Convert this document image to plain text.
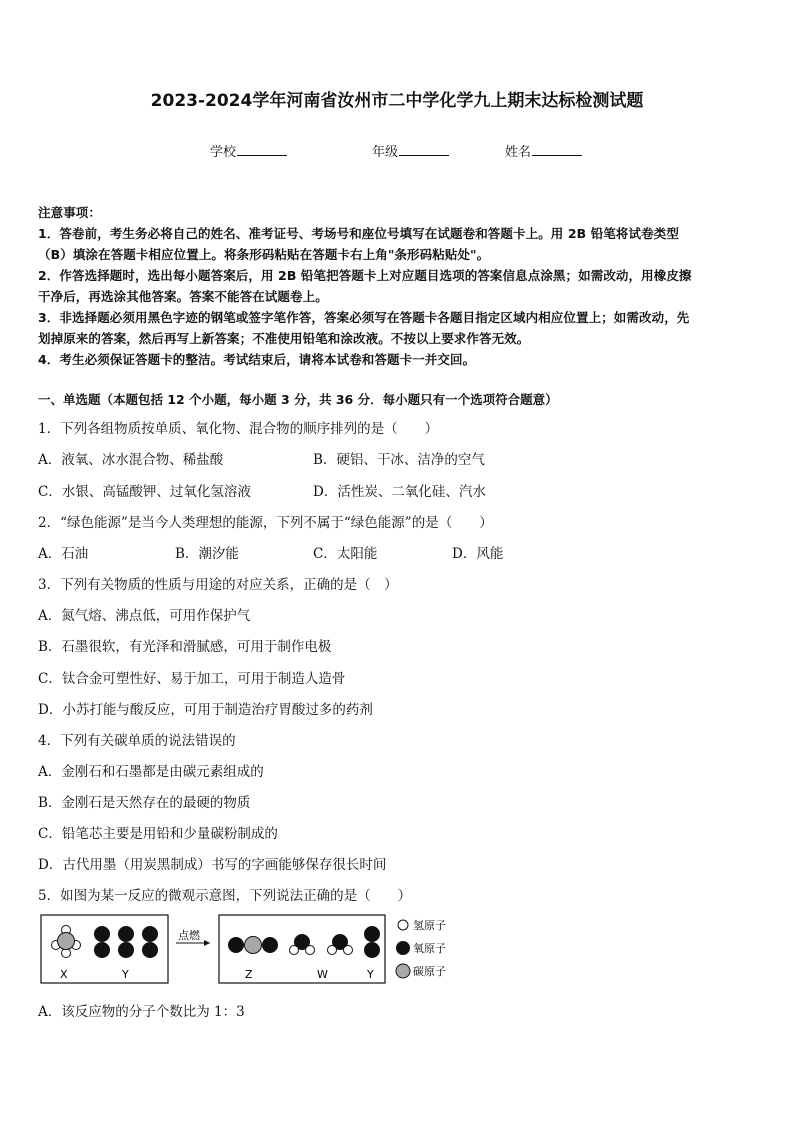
2023-2024学年河南省汝州市二中学化学九上期末达标检测试题
学校	年级	姓名
注意事项：
1．答卷前，考生务必将自己的姓名、准考证号、考场号和座位号填写在试题卷和答题卡上。用 2B 铅笔将试卷类型
（B）填涂在答题卡相应位置上。将条形码粘贴在答题卡右上角"条形码粘贴处"。
2．作答选择题时，选出每小题答案后，用 2B 铅笔把答题卡上对应题目选项的答案信息点涂黑；如需改动，用橡皮擦
干净后，再选涂其他答案。答案不能答在试题卷上。
3．非选择题必须用黑色字迹的钢笔或签字笔作答，答案必须写在答题卡各题目指定区域内相应位置上；如需改动，先
划掉原来的答案，然后再写上新答案；不准使用铅笔和涂改液。不按以上要求作答无效。
4．考生必须保证答题卡的整洁。考试结束后，请将本试卷和答题卡一并交回。
一、单选题（本题包括 12 个小题，每小题 3 分，共 36 分．每小题只有一个选项符合题意）
1．下列各组物质按单质、氧化物、混合物的顺序排列的是（　　）
A．液氧、冰水混合物、稀盐酸	B．硬铝、干冰、洁净的空气
C．水银、高锰酸钾、过氧化氢溶液	D．活性炭、二氧化硅、汽水
2．“绿色能源”是当今人类理想的能源，下列不属于“绿色能源”的是（　　）
A．石油	B．潮汐能	C．太阳能	D．风能
3．下列有关物质的性质与用途的对应关系，正确的是（　）
A．氮气熔、沸点低，可用作保护气
B．石墨很软，有光泽和滑腻感，可用于制作电极
C．钛合金可塑性好、易于加工，可用于制造人造骨
D．小苏打能与酸反应，可用于制造治疗胃酸过多的药剂
4．下列有关碳单质的说法错误的
A．金刚石和石墨都是由碳元素组成的
B．金刚石是天然存在的最硬的物质
C．铅笔芯主要是用铅和少量碳粉制成的
D．古代用墨（用炭黑制成）书写的字画能够保存很长时间
5．如图为某一反应的微观示意图，下列说法正确的是（　　）
X	Y
点燃
Z	W	Y
氢原子
氧原子
碳原子
A．该反应物的分子个数比为 1：3
